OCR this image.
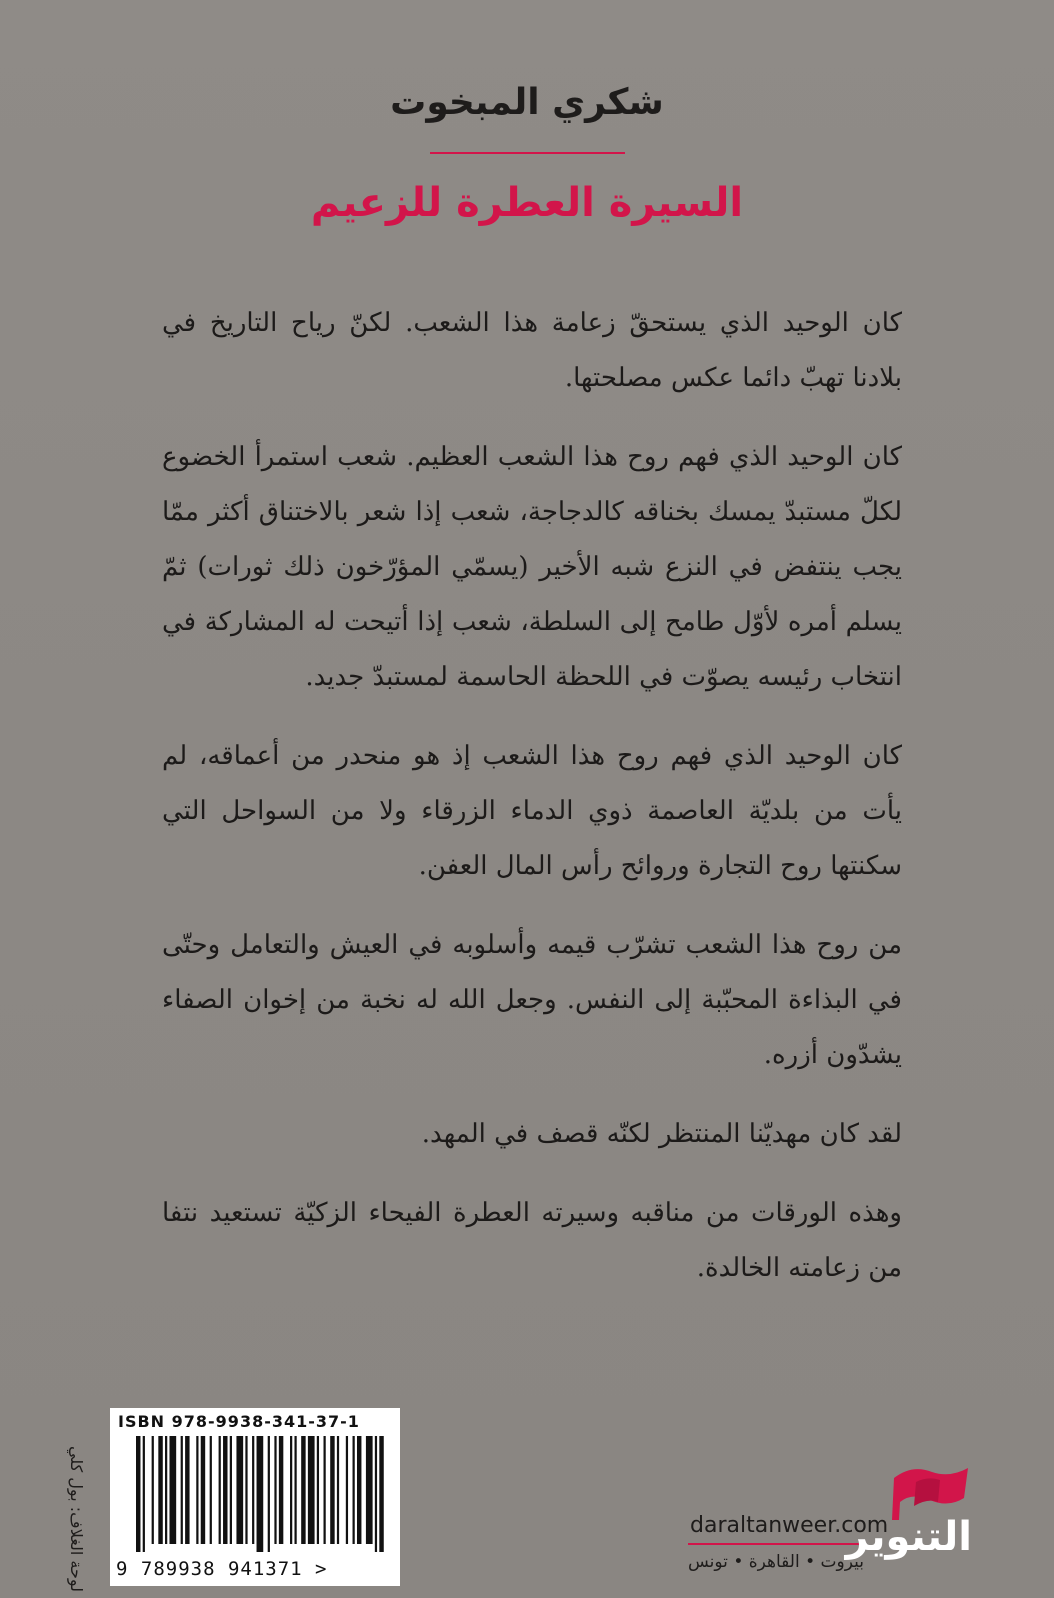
شكري المبخوت
السيرة العطرة للزعيم

كان الوحيد الذي يستحقّ زعامة هذا الشعب. لكنّ رياح التاريخ في بلادنا تهبّ دائما عكس مصلحتها.

كان الوحيد الذي فهم روح هذا الشعب العظيم. شعب استمرأ الخضوع لكلّ مستبدّ يمسك بخناقه كالدجاجة، شعب إذا شعر بالاختناق أكثر ممّا يجب ينتفض في النزع شبه الأخير (يسمّي المؤرّخون ذلك ثورات) ثمّ يسلم أمره لأوّل طامح إلى السلطة، شعب إذا أتيحت له المشاركة في انتخاب رئيسه يصوّت في اللحظة الحاسمة لمستبدّ جديد.

كان الوحيد الذي فهم روح هذا الشعب إذ هو منحدر من أعماقه، لم يأت من بلديّة العاصمة ذوي الدماء الزرقاء ولا من السواحل التي سكنتها روح التجارة وروائح رأس المال العفن.

من روح هذا الشعب تشرّب قيمه وأسلوبه في العيش والتعامل وحتّى في البذاءة المحبّبة إلى النفس. وجعل الله له نخبة من إخوان الصفاء يشدّون أزره.

لقد كان مهديّنا المنتظر لكنّه قصف في المهد.

وهذه الورقات من مناقبه وسيرته العطرة الفيحاء الزكيّة تستعيد نتفا من زعامته الخالدة.

لوحة الغلاف: بول كلي
ISBN 978-9938-341-37-1
9 789938 941371 >
daraltanweer.com
بيروت • القاهرة • تونس
التنوير
